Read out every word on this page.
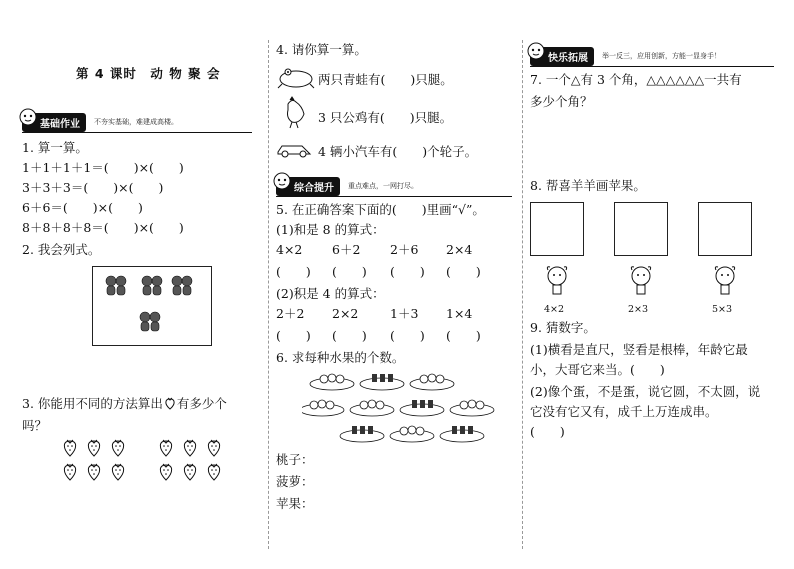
第 4 课时　动 物 聚 会
基础作业	不夯实基础，难建成高楼。
1. 算一算。
1＋1＋1＋1＝(　　)×(　　)
3＋3＋3＝(　　)×(　　)
6＋6＝(　　)×(　　)
8＋8＋8＋8＝(　　)×(　　)
2. 我会列式。
3. 你能用不同的方法算出 有多少个
吗？
4. 请你算一算。
两只青蛙有(　　)只腿。
3 只公鸡有(　　)只腿。
4 辆小汽车有(　　)个轮子。
综合提升	重点难点，一网打尽。
5. 在正确答案下面的(　　)里画“√”。
(1)和是 8 的算式：
4×2 6＋2 2＋6 2×4
(　　) (　　) (　　) (　　)
(2)积是 4 的算式：
2＋2 2×2	1＋3 1×4
(　　) (　　) (　　) (　　)
6. 求每种水果的个数。
桃子：
菠萝：
苹果：
快乐拓展	举一反三，应用创新，方能一显身手！
7. 一个△有 3 个角，△△△△△△一共有
多少个角？
8. 帮喜羊羊画苹果。
4×2	2×3	5×3
9. 猜数字。
(1)横看是直尺，竖看是根棒，年龄它最
小，大哥它来当。(　　)
(2)像个蛋，不是蛋，说它圆，不太圆，说
它没有它又有，成千上万连成串。
(　　)
